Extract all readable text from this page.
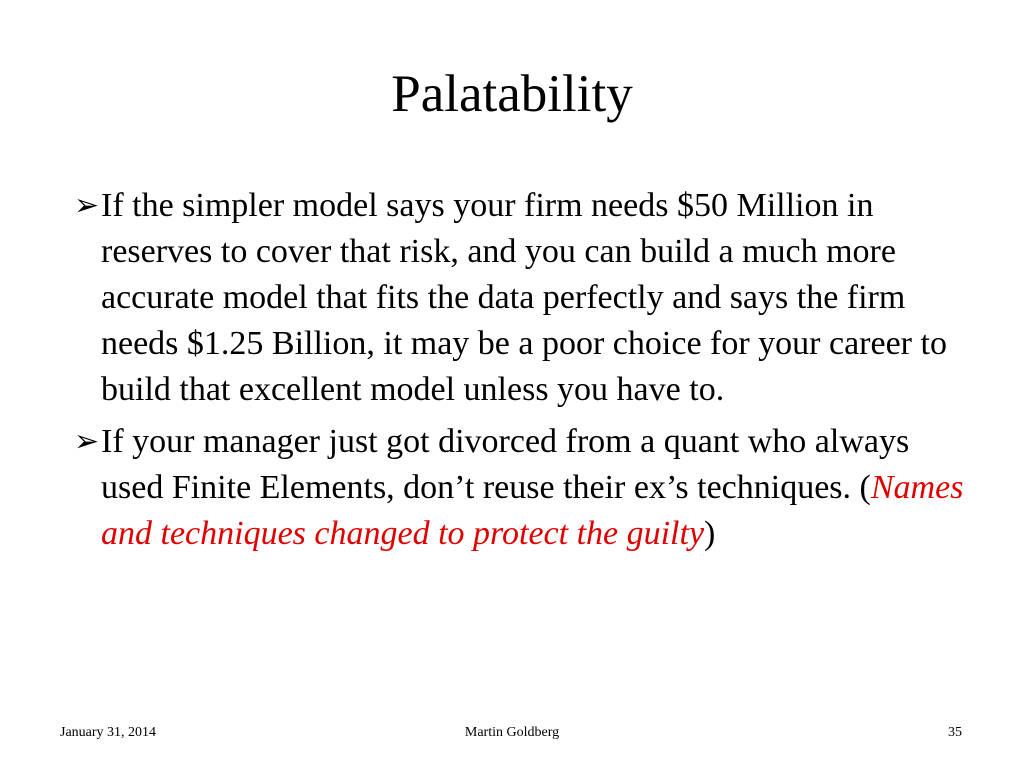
Palatability
➢ If the simpler model says your firm needs $50 Million in reserves to cover that risk, and you can build a much more accurate model that fits the data perfectly and says the firm needs $1.25 Billion, it may be a poor choice for your career to build that excellent model unless you have to.
➢ If your manager just got divorced from a quant who always used Finite Elements, don’t reuse their ex’s techniques. (Names and techniques changed to protect the guilty)
Martin Goldberg
January 31, 2014	35
